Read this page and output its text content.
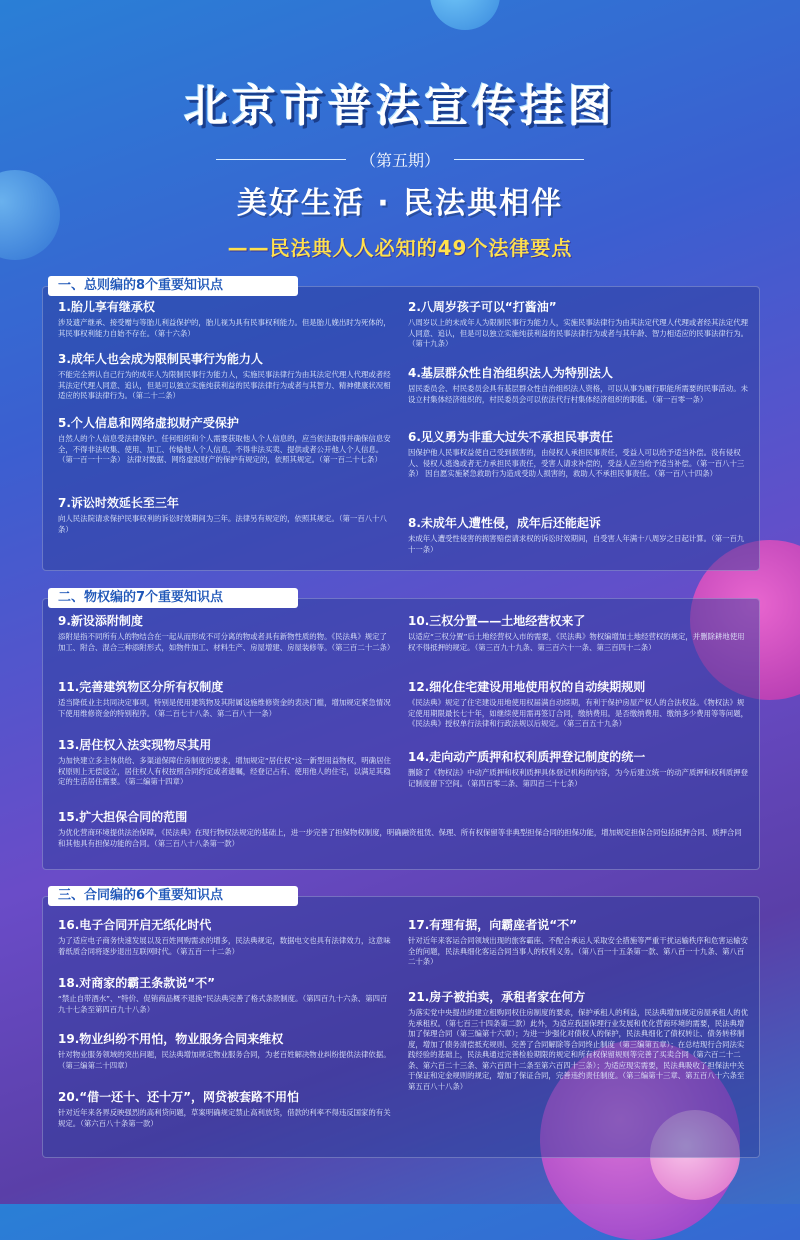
北京市普法宣传挂图
（第五期）
美好生活 · 民法典相伴
——民法典人人必知的49个法律要点
一、总则编的8个重要知识点
1.胎儿享有继承权

涉及遗产继承、接受赠与等胎儿利益保护的，胎儿视为具有民事权利能力。但是胎儿娩出时为死体的，其民事权利能力自始不存在。（第十六条）

2.八周岁孩子可以“打酱油”

八周岁以上的未成年人为限制民事行为能力人，实施民事法律行为由其法定代理人代理或者经其法定代理人同意、追认，但是可以独立实施纯获利益的民事法律行为或者与其年龄、智力相适应的民事法律行为。（第十九条）

3.成年人也会成为限制民事行为能力人

不能完全辨认自己行为的成年人为限制民事行为能力人，实施民事法律行为由其法定代理人代理或者经其法定代理人同意、追认，但是可以独立实施纯获利益的民事法律行为或者与其智力、精神健康状况相适应的民事法律行为。（第二十二条）

4.基层群众性自治组织法人为特别法人

居民委员会、村民委员会具有基层群众性自治组织法人资格，可以从事为履行职能所需要的民事活动。未设立村集体经济组织的，村民委员会可以依法代行村集体经济组织的职能。（第一百零一条）

5.个人信息和网络虚拟财产受保护

自然人的个人信息受法律保护。任何组织和个人需要获取他人个人信息的，应当依法取得并确保信息安全，不得非法收集、使用、加工、传输他人个人信息，不得非法买卖、提供或者公开他人个人信息。（第一百一十一条） 法律对数据、网络虚拟财产的保护有规定的，依照其规定。（第一百二十七条）

6.见义勇为非重大过失不承担民事责任

因保护他人民事权益使自己受到损害的，由侵权人承担民事责任，受益人可以给予适当补偿。没有侵权人、侵权人逃逸或者无力承担民事责任，受害人请求补偿的，受益人应当给予适当补偿。（第一百八十三条） 因自愿实施紧急救助行为造成受助人损害的，救助人不承担民事责任。（第一百八十四条）

7.诉讼时效延长至三年

向人民法院请求保护民事权利的诉讼时效期间为三年。法律另有规定的，依照其规定。（第一百八十八条）	8.未成年人遭性侵，成年后还能起诉

未成年人遭受性侵害的损害赔偿请求权的诉讼时效期间，自受害人年满十八周岁之日起计算。（第一百九十一条）

二、物权编的7个重要知识点
9.新设添附制度

添附是指不同所有人的物结合在一起从而形成不可分离的物或者具有新物性质的物。《民法典》规定了加工、附合、混合三种添附形式，如物件加工、材料生产、房屋增建、房屋装修等。（第三百二十二条）

10.三权分置——土地经营权来了

以适应“三权分置”后土地经营权入市的需要，《民法典》物权编增加土地经营权的规定，并删除耕地使用权不得抵押的规定。（第三百九十九条、第三百六十一条、第三百四十二条）

11.完善建筑物区分所有权制度

适当降低业主共同决定事项，特别是使用建筑物及其附属设施维修资金的表决门槛，增加规定紧急情况下使用维修资金的特别程序。（第二百七十八条、第二百八十一条）

12.细化住宅建设用地使用权的自动续期规则

《民法典》规定了住宅建设用地使用权届满自动续期，有利于保护房屋产权人的合法权益。《物权法》规定使用期限最长七十年，如继续使用需再签订合同，缴纳费用。是否缴纳费用、缴纳多少费用等等问题，《民法典》授权单行法律和行政法规以后规定。（第三百五十九条）

13.居住权入法实现物尽其用

为加快建立多主体供给、多渠道保障住房制度的要求，增加规定“居住权”这一新型用益物权，明确居住权原则上无偿设立，居住权人有权按照合同约定或者遗嘱，经登记占有、使用他人的住宅，以满足其稳定的生活居住需要。（第二编第十四章）

14.走向动产质押和权利质押登记制度的统一

删除了《物权法》中动产质押和权利质押具体登记机构的内容，为今后建立统一的动产质押和权利质押登记制度留下空间。（第四百零二条、第四百二十七条）

15.扩大担保合同的范围

为优化营商环境提供法治保障，《民法典》在现行物权法规定的基础上，进一步完善了担保物权制度，明确融资租赁、保理、所有权保留等非典型担保合同的担保功能，增加规定担保合同包括抵押合同、质押合同和其他具有担保功能的合同。（第三百八十八条第一款）

三、合同编的6个重要知识点
16.电子合同开启无纸化时代

为了适应电子商务快速发展以及百姓网购需求的增多，民法典规定，数据电文也具有法律效力，这意味着纸质合同将逐步退出互联网时代。（第五百一十二条）

17.有理有据，向霸座者说“不”

针对近年来客运合同领域出现的旅客霸座、不配合承运人采取安全措施等严重干扰运输秩序和危害运输安全的问题，民法典细化客运合同当事人的权利义务。（第八百一十五条第一款、第八百一十九条、第八百二十条）

18.对商家的霸王条款说“不”

“禁止自带酒水”、“特价、促销商品概不退换”民法典完善了格式条款制度。（第四百九十六条、第四百九十七条至第四百九十八条）

21.房子被拍卖，承租者家在何方

为落实党中央提出的建立租购同权住房制度的要求，保护承租人的利益，民法典增加规定房屋承租人的优先承租权。（第七百三十四条第二款）此外，为适应我国保理行业发展和优化营商环境的需要，民法典增加了保理合同（第三编第十六章）；为进一步强化对债权人的保护，民法典细化了债权转让、债务转移制度，增加了债务清偿抵充规则、完善了合同解除等合同终止制度（第三编第五章）；在总结现行合同法实践经验的基础上，民法典通过完善检验期限的规定和所有权保留规则等完善了买卖合同（第六百二十二条、第六百二十三条、第六百四十二条至第六百四十三条）；为适应现实需要，民法典吸收了担保法中关于保证和定金规则的规定，增加了保证合同，完善违约责任制度。（第三编第十三章、第五百八十六条至第五百八十八条）

19.物业纠纷不用怕，物业服务合同来维权

针对物业服务领域的突出问题，民法典增加规定物业服务合同，为老百姓解决物业纠纷提供法律依据。（第三编第二十四章）

20.“借一还十、还十万”，网贷被套路不用怕

针对近年来各界反映强烈的高利贷问题，草案明确规定禁止高利放贷，借款的利率不得违反国家的有关规定。（第六百八十条第一款）
